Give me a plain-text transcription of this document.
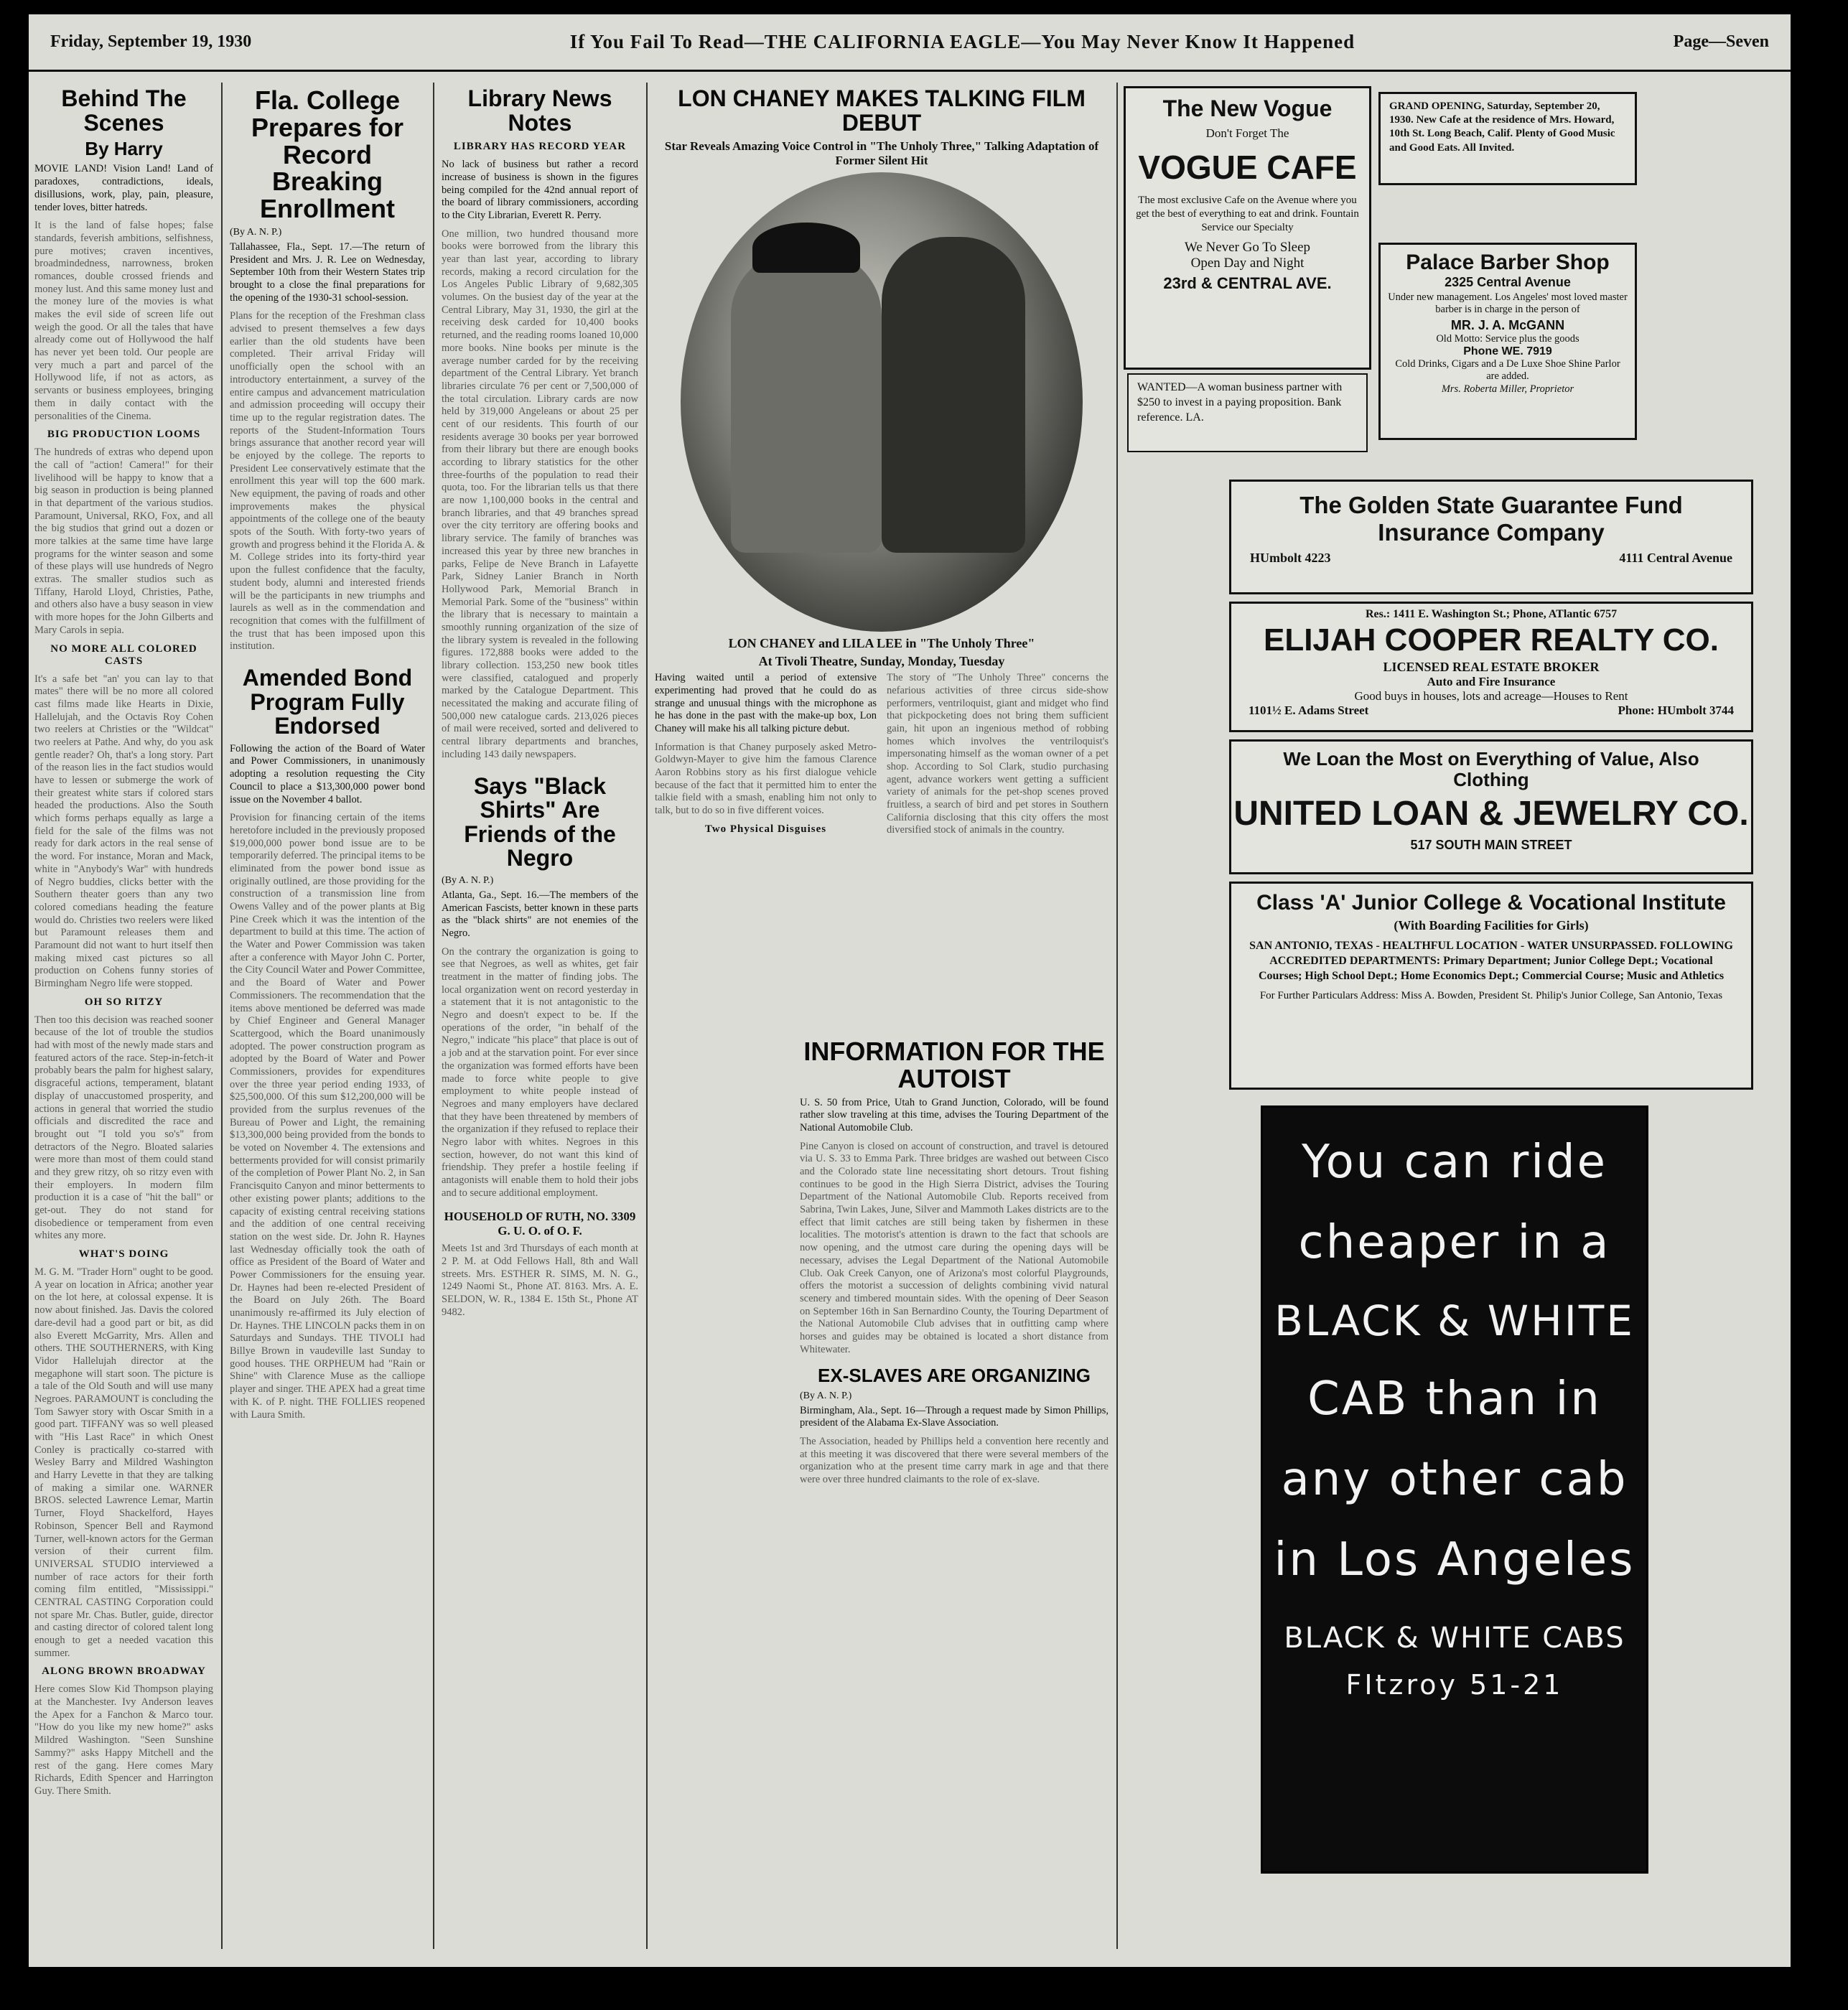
Friday, September 19, 1930	If You Fail To Read—THE CALIFORNIA EAGLE—You May Never Know It Happened	Page—Seven
Behind The Scenes
By Harry

MOVIE LAND! Vision Land! Land of paradoxes, contradictions, ideals, disillusions, work, play, pain, pleasure, tender loves, bitter hatreds.

It is the land of false hopes; false standards, feverish ambitions, selfishness, pure motives; craven incentives, broadmindedness, narrowness, broken romances, double crossed friends and money lust. And this same money lust and the money lure of the movies is what makes the evil side of screen life out weigh the good. Or all the tales that have already come out of Hollywood the half has never yet been told. Our people are very much a part and parcel of the Hollywood life, if not as actors, as servants or business employees, bringing them in daily contact with the personalities of the Cinema.
BIG PRODUCTION LOOMS
The hundreds of extras who depend upon the call of "action! Camera!" for their livelihood will be happy to know that a big season in production is being planned in that department of the various studios. Paramount, Universal, RKO, Fox, and all the big studios that grind out a dozen or more talkies at the same time have large programs for the winter season and some of these plays will use hundreds of Negro extras. The smaller studios such as Tiffany, Harold Lloyd, Christies, Pathe, and others also have a busy season in view with more hopes for the John Gilberts and Mary Carols in sepia.
NO MORE ALL COLORED CASTS
It's a safe bet "an' you can lay to that mates" there will be no more all colored cast films made like Hearts in Dixie, Hallelujah, and the Octavis Roy Cohen two reelers at Christies or the "Wildcat" two reelers at Pathe. And why, do you ask gentle reader? Oh, that's a long story. Part of the reason lies in the fact studios would have to lessen or submerge the work of their greatest white stars if colored stars headed the productions. Also the South which forms perhaps equally as large a field for the sale of the films was not ready for dark actors in the real sense of the word. For instance, Moran and Mack, white in "Anybody's War" with hundreds of Negro buddies, clicks better with the Southern theater goers than any two colored comedians heading the feature would do. Christies two reelers were liked but Paramount releases them and Paramount did not want to hurt itself then making mixed cast pictures so all production on Cohens funny stories of Birmingham Negro life were stopped.
OH SO RITZY
Then too this decision was reached sooner because of the lot of trouble the studios had with most of the newly made stars and featured actors of the race. Step-in-fetch-it probably bears the palm for highest salary, disgraceful actions, temperament, blatant display of unaccustomed prosperity, and actions in general that worried the studio officials and discredited the race and brought out "I told you so's" from detractors of the Negro. Bloated salaries were more than most of them could stand and they grew ritzy, oh so ritzy even with their employers. In modern film production it is a case of "hit the ball" or get-out. They do not stand for disobedience or temperament from even whites any more.
WHAT'S DOING
M. G. M. "Trader Horn" ought to be good. A year on location in Africa; another year on the lot here, at colossal expense. It is now about finished. Jas. Davis the colored dare-devil had a good part or bit, as did also Everett McGarrity, Mrs. Allen and others. THE SOUTHERNERS, with King Vidor Hallelujah director at the megaphone will start soon. The picture is a tale of the Old South and will use many Negroes. PARAMOUNT is concluding the Tom Sawyer story with Oscar Smith in a good part. TIFFANY was so well pleased with "His Last Race" in which Onest Conley is practically co-starred with Wesley Barry and Mildred Washington and Harry Levette in that they are talking of making a similar one. WARNER BROS. selected Lawrence Lemar, Martin Turner, Floyd Shackelford, Hayes Robinson, Spencer Bell and Raymond Turner, well-known actors for the German version of their current film. UNIVERSAL STUDIO interviewed a number of race actors for their forth coming film entitled, "Mississippi." CENTRAL CASTING Corporation could not spare Mr. Chas. Butler, guide, director and casting director of colored talent long enough to get a needed vacation this summer.
ALONG BROWN BROADWAY
Here comes Slow Kid Thompson playing at the Manchester. Ivy Anderson leaves the Apex for a Fanchon & Marco tour. "How do you like my new home?" asks Mildred Washington. "Seen Sunshine Sammy?" asks Happy Mitchell and the rest of the gang. Here comes Mary Richards, Edith Spencer and Harrington Guy. There Smith.
Fla. College Prepares for Record Breaking Enrollment
(By A. N. P.)

Tallahassee, Fla., Sept. 17.—The return of President and Mrs. J. R. Lee on Wednesday, September 10th from their Western States trip brought to a close the final preparations for the opening of the 1930-31 school-session.

Plans for the reception of the Freshman class advised to present themselves a few days earlier than the old students have been completed. Their arrival Friday will unofficially open the school with an introductory entertainment, a survey of the entire campus and advancement matriculation and admission proceeding will occupy their time up to the regular registration dates. The reports of the Student-Information Tours brings assurance that another record year will be enjoyed by the college. The reports to President Lee conservatively estimate that the enrollment this year will top the 600 mark. New equipment, the paving of roads and other improvements makes the physical appointments of the college one of the beauty spots of the South. With forty-two years of growth and progress behind it the Florida A. & M. College strides into its forty-third year upon the fullest confidence that the faculty, student body, alumni and interested friends will be the participants in new triumphs and laurels as well as in the commendation and recognition that comes with the fulfillment of the trust that has been imposed upon this institution.
Amended Bond Program Fully Endorsed

Following the action of the Board of Water and Power Commissioners, in unanimously adopting a resolution requesting the City Council to place a $13,300,000 power bond issue on the November 4 ballot.

Provision for financing certain of the items heretofore included in the previously proposed $19,000,000 power bond issue are to be temporarily deferred. The principal items to be eliminated from the power bond issue as originally outlined, are those providing for the construction of a transmission line from Owens Valley and of the power plants at Big Pine Creek which it was the intention of the department to build at this time. The action of the Water and Power Commission was taken after a conference with Mayor John C. Porter, the City Council Water and Power Committee, and the Board of Water and Power Commissioners. The recommendation that the items above mentioned be deferred was made by Chief Engineer and General Manager Scattergood, which the Board unanimously adopted. The power construction program as adopted by the Board of Water and Power Commissioners, provides for expenditures over the three year period ending 1933, of $25,500,000. Of this sum $12,200,000 will be provided from the surplus revenues of the Bureau of Power and Light, the remaining $13,300,000 being provided from the bonds to be voted on November 4. The extensions and betterments provided for will consist primarily of the completion of Power Plant No. 2, in San Francisquito Canyon and minor betterments to other existing power plants; additions to the capacity of existing central receiving stations and the addition of one central receiving station on the west side. Dr. John R. Haynes last Wednesday officially took the oath of office as President of the Board of Water and Power Commissioners for the ensuing year. Dr. Haynes had been re-elected President of the Board on July 26th. The Board unanimously re-affirmed its July election of Dr. Haynes. THE LINCOLN packs them in on Saturdays and Sundays. THE TIVOLI had Billye Brown in vaudeville last Sunday to good houses. THE ORPHEUM had "Rain or Shine" with Clarence Muse as the calliope player and singer. THE APEX had a great time with K. of P. night. THE FOLLIES reopened with Laura Smith.
Library News Notes
LIBRARY HAS RECORD YEAR

No lack of business but rather a record increase of business is shown in the figures being compiled for the 42nd annual report of the board of library commissioners, according to the City Librarian, Everett R. Perry.

One million, two hundred thousand more books were borrowed from the library this year than last year, according to library records, making a record circulation for the Los Angeles Public Library of 9,682,305 volumes. On the busiest day of the year at the Central Library, May 31, 1930, the girl at the receiving desk carded for 10,400 books returned, and the reading rooms loaned 10,000 more books. Nine books per minute is the average number carded for by the receiving department of the Central Library. Yet branch libraries circulate 76 per cent or 7,500,000 of the total circulation. Library cards are now held by 319,000 Angeleans or about 25 per cent of our residents. This fourth of our residents average 30 books per year borrowed from their library but there are enough books according to library statistics for the other three-fourths of the population to read their quota, too. For the librarian tells us that there are now 1,100,000 books in the central and branch libraries, and that 49 branches spread over the city territory are offering books and library service. The family of branches was increased this year by three new branches in parks, Felipe de Neve Branch in Lafayette Park, Sidney Lanier Branch in North Hollywood Park, Memorial Branch in Memorial Park. Some of the "business" within the library that is necessary to maintain a smoothly running organization of the size of the library system is revealed in the following figures. 172,888 books were added to the library collection. 153,250 new book titles were classified, catalogued and properly marked by the Catalogue Department. This necessitated the making and accurate filing of 500,000 new catalogue cards. 213,026 pieces of mail were received, sorted and delivered to central library departments and branches, including 143 daily newspapers.
Says "Black Shirts" Are Friends of the Negro
(By A. N. P.)

Atlanta, Ga., Sept. 16.—The members of the American Fascists, better known in these parts as the "black shirts" are not enemies of the Negro.

On the contrary the organization is going to see that Negroes, as well as whites, get fair treatment in the matter of finding jobs. The local organization went on record yesterday in a statement that it is not antagonistic to the Negro and doesn't expect to be. If the operations of the order, "in behalf of the Negro," indicate "his place" that place is out of a job and at the starvation point. For ever since the organization was formed efforts have been made to force white people to give employment to white people instead of Negroes and many employers have declared that they have been threatened by members of the organization if they refused to replace their Negro labor with whites. Negroes in this section, however, do not want this kind of friendship. They prefer a hostile feeling if antagonists will enable them to hold their jobs and to secure additional employment.
HOUSEHOLD OF RUTH, NO. 3309 G. U. O. of O. F.
Meets 1st and 3rd Thursdays of each month at 2 P. M. at Odd Fellows Hall, 8th and Wall streets. Mrs. ESTHER R. SIMS, M. N. G., 1249 Naomi St., Phone AT. 8163. Mrs. A. E. SELDON, W. R., 1384 E. 15th St., Phone AT 9482.
LON CHANEY MAKES TALKING FILM DEBUT
Star Reveals Amazing Voice Control in "The Unholy Three," Talking Adaptation of Former Silent Hit
LON CHANEY and LILA LEE in "The Unholy Three"
At Tivoli Theatre, Sunday, Monday, Tuesday

Having waited until a period of extensive experimenting had proved that he could do as strange and unusual things with the microphone as he has done in the past with the make-up box, Lon Chaney will make his all talking picture debut.

Information is that Chaney purposely asked Metro-Goldwyn-Mayer to give him the famous Clarence Aaron Robbins story as his first dialogue vehicle because of the fact that it permitted him to enter the talkie field with a smash, enabling him not only to talk, but to do so in five different voices.
Two Physical Disguises
The story of "The Unholy Three" concerns the nefarious activities of three circus side-show performers, ventriloquist, giant and midget who find that pickpocketing does not bring them sufficient gain, hit upon an ingenious method of robbing homes which involves the ventriloquist's impersonating himself as the woman owner of a pet shop. According to Sol Clark, studio purchasing agent, advance workers went getting a sufficient variety of animals for the pet-shop scenes proved fruitless, a search of bird and pet stores in Southern California disclosing that this city offers the most diversified stock of animals in the country.
INFORMATION FOR THE AUTOIST

U. S. 50 from Price, Utah to Grand Junction, Colorado, will be found rather slow traveling at this time, advises the Touring Department of the National Automobile Club.

Pine Canyon is closed on account of construction, and travel is detoured via U. S. 33 to Emma Park. Three bridges are washed out between Cisco and the Colorado state line necessitating short detours. Trout fishing continues to be good in the High Sierra District, advises the Touring Department of the National Automobile Club. Reports received from Sabrina, Twin Lakes, June, Silver and Mammoth Lakes districts are to the effect that limit catches are still being taken by fishermen in these localities. The motorist's attention is drawn to the fact that schools are now opening, and the utmost care during the opening days will be necessary, advises the Legal Department of the National Automobile Club. Oak Creek Canyon, one of Arizona's most colorful Playgrounds, offers the motorist a succession of delights combining vivid natural scenery and timbered mountain sides. With the opening of Deer Season on September 16th in San Bernardino County, the Touring Department of the National Automobile Club advises that in outfitting camp where horses and guides may be obtained is located a short distance from Whitewater.
EX-SLAVES ARE ORGANIZING
(By A. N. P.)

Birmingham, Ala., Sept. 16—Through a request made by Simon Phillips, president of the Alabama Ex-Slave Association.

The Association, headed by Phillips held a convention here recently and at this meeting it was discovered that there were several members of the organization who at the present time carry mark in age and that there were over three hundred claimants to the role of ex-slave.
The New Vogue
Don't Forget The
VOGUE CAFE
The most exclusive Cafe on the Avenue where you get the best of everything to eat and drink. Fountain Service our Specialty
We Never Go To Sleep
Open Day and Night
23rd & CENTRAL AVE.
WANTED—A woman business partner with $250 to invest in a paying proposition. Bank reference. LA.
GRAND OPENING, Saturday, September 20, 1930. New Cafe at the residence of Mrs. Howard, 10th St. Long Beach, Calif. Plenty of Good Music and Good Eats. All Invited.
Palace Barber Shop
2325 Central Avenue
Under new management. Los Angeles' most loved master barber is in charge in the person of
MR. J. A. McGANN
Old Motto: Service plus the goods
Phone WE. 7919
Cold Drinks, Cigars and a De Luxe Shoe Shine Parlor are added.
Mrs. Roberta Miller, Proprietor
The Golden State Guarantee Fund Insurance Company
HUmbolt 4223	4111 Central Avenue
Res.: 1411 E. Washington St.; Phone, ATlantic 6757
ELIJAH COOPER REALTY CO.
LICENSED REAL ESTATE BROKER
Auto and Fire Insurance
Good buys in houses, lots and acreage—Houses to Rent
1101½ E. Adams Street	Phone: HUmbolt 3744
We Loan the Most on Everything of Value, Also Clothing
UNITED LOAN & JEWELRY CO.
517 SOUTH MAIN STREET
Class 'A' Junior College & Vocational Institute
(With Boarding Facilities for Girls)
SAN ANTONIO, TEXAS - HEALTHFUL LOCATION - WATER UNSURPASSED. FOLLOWING ACCREDITED DEPARTMENTS: Primary Department; Junior College Dept.; Vocational Courses; High School Dept.; Home Economics Dept.; Commercial Course; Music and Athletics
For Further Particulars Address: Miss A. Bowden, President St. Philip's Junior College, San Antonio, Texas
You can ride
cheaper in a
BLACK & WHITE
CAB than in
any other cab
in Los Angeles
BLACK & WHITE CABS
FItzroy 51-21
